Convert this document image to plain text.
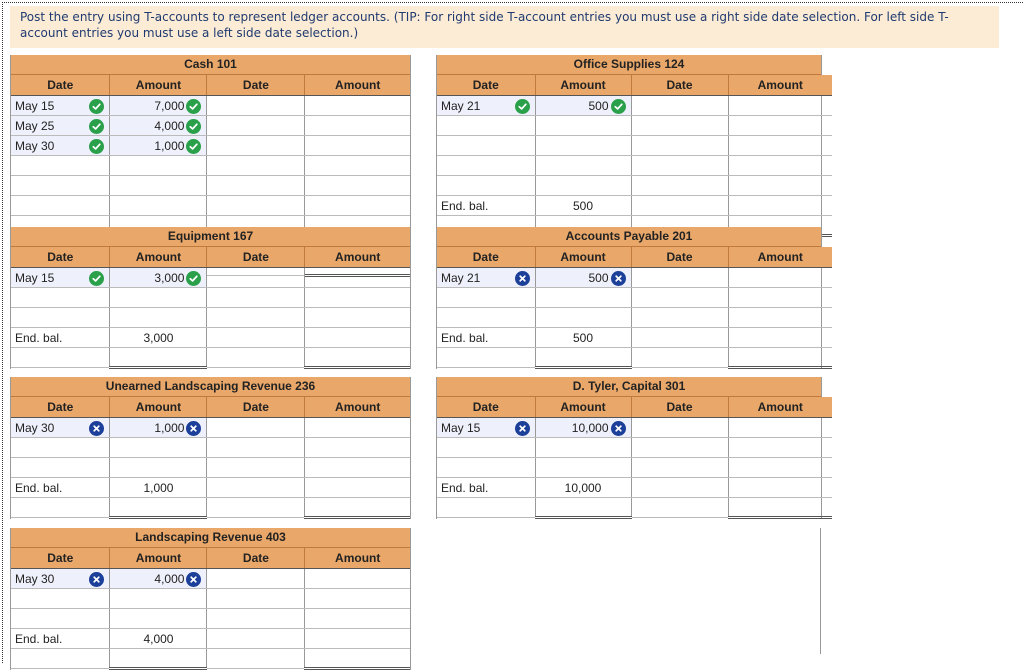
Post the entry using T-accounts to represent ledger accounts. (TIP: For right side T-account entries you must use a right side date selection. For left side T-account entries you must use a left side date selection.)
Cash 101
Date	Amount	Date	Amount
May 15	7,000

May 25	4,000

May 30	1,000

Office Supplies 124
Date	Amount	Date	Amount
May 21	500

End. bal.	500		

Equipment 167
Date	Amount	Date	Amount
May 15	3,000

End. bal.	3,000		

Accounts Payable 201
Date	Amount	Date	Amount
May 21	500

End. bal.	500		

Unearned Landscaping Revenue 236
Date	Amount	Date	Amount
May 30	1,000

End. bal.	1,000		

D. Tyler, Capital 301
Date	Amount	Date	Amount
May 15	10,000

End. bal.	10,000		

Landscaping Revenue 403
Date	Amount	Date	Amount
May 30	4,000

End. bal.	4,000		
